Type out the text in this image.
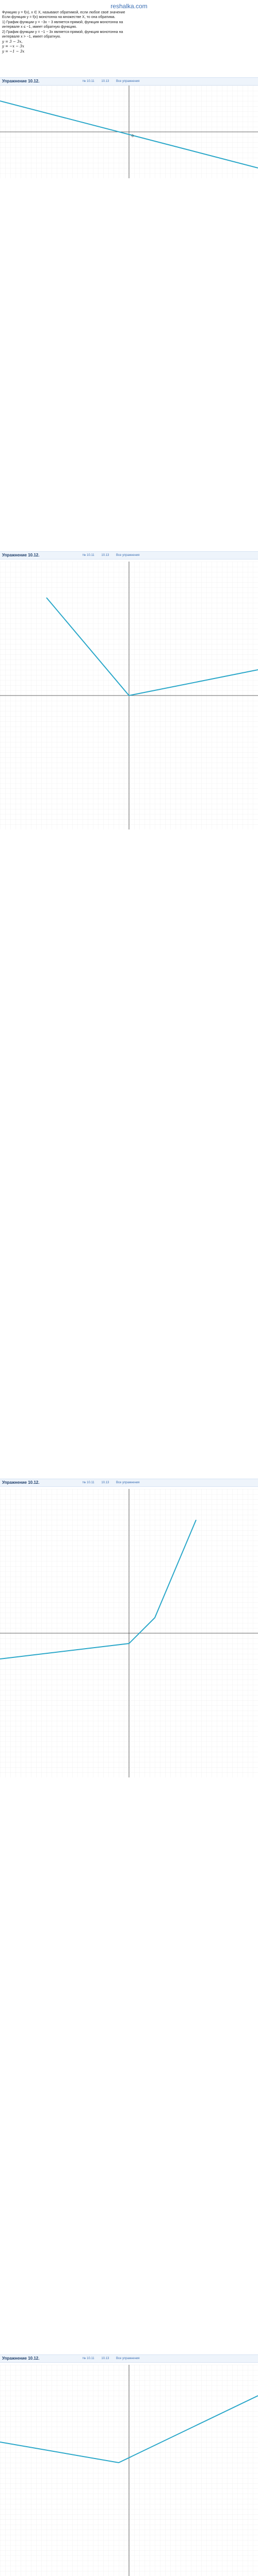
reshalka.com
Функцию y = f(x), x ∈ X, называют обратимой, если любое своё значение
Если функция y = f(x) монотонна на множестве X, то она обратима.
1) График функции y = −3x − 3 является прямой, функция монотонна на
интервале x ≤ −1, имеет обратную функцию.
2) График функции y = −1 − 3x является прямой, функция монотонна на
интервале x > −1, имеет обратную.
y = 3 − 3x,
y = −x − 3x
y = −1 − 3x
Упражнение 10.12.	№ 10.11 10.13 Все упражнения
0
Упражнение 10.12.	№ 10.11 10.13 Все упражнения
Упражнение 10.12.	№ 10.11 10.13 Все упражнения
Упражнение 10.12.	№ 10.11 10.13 Все упражнения
